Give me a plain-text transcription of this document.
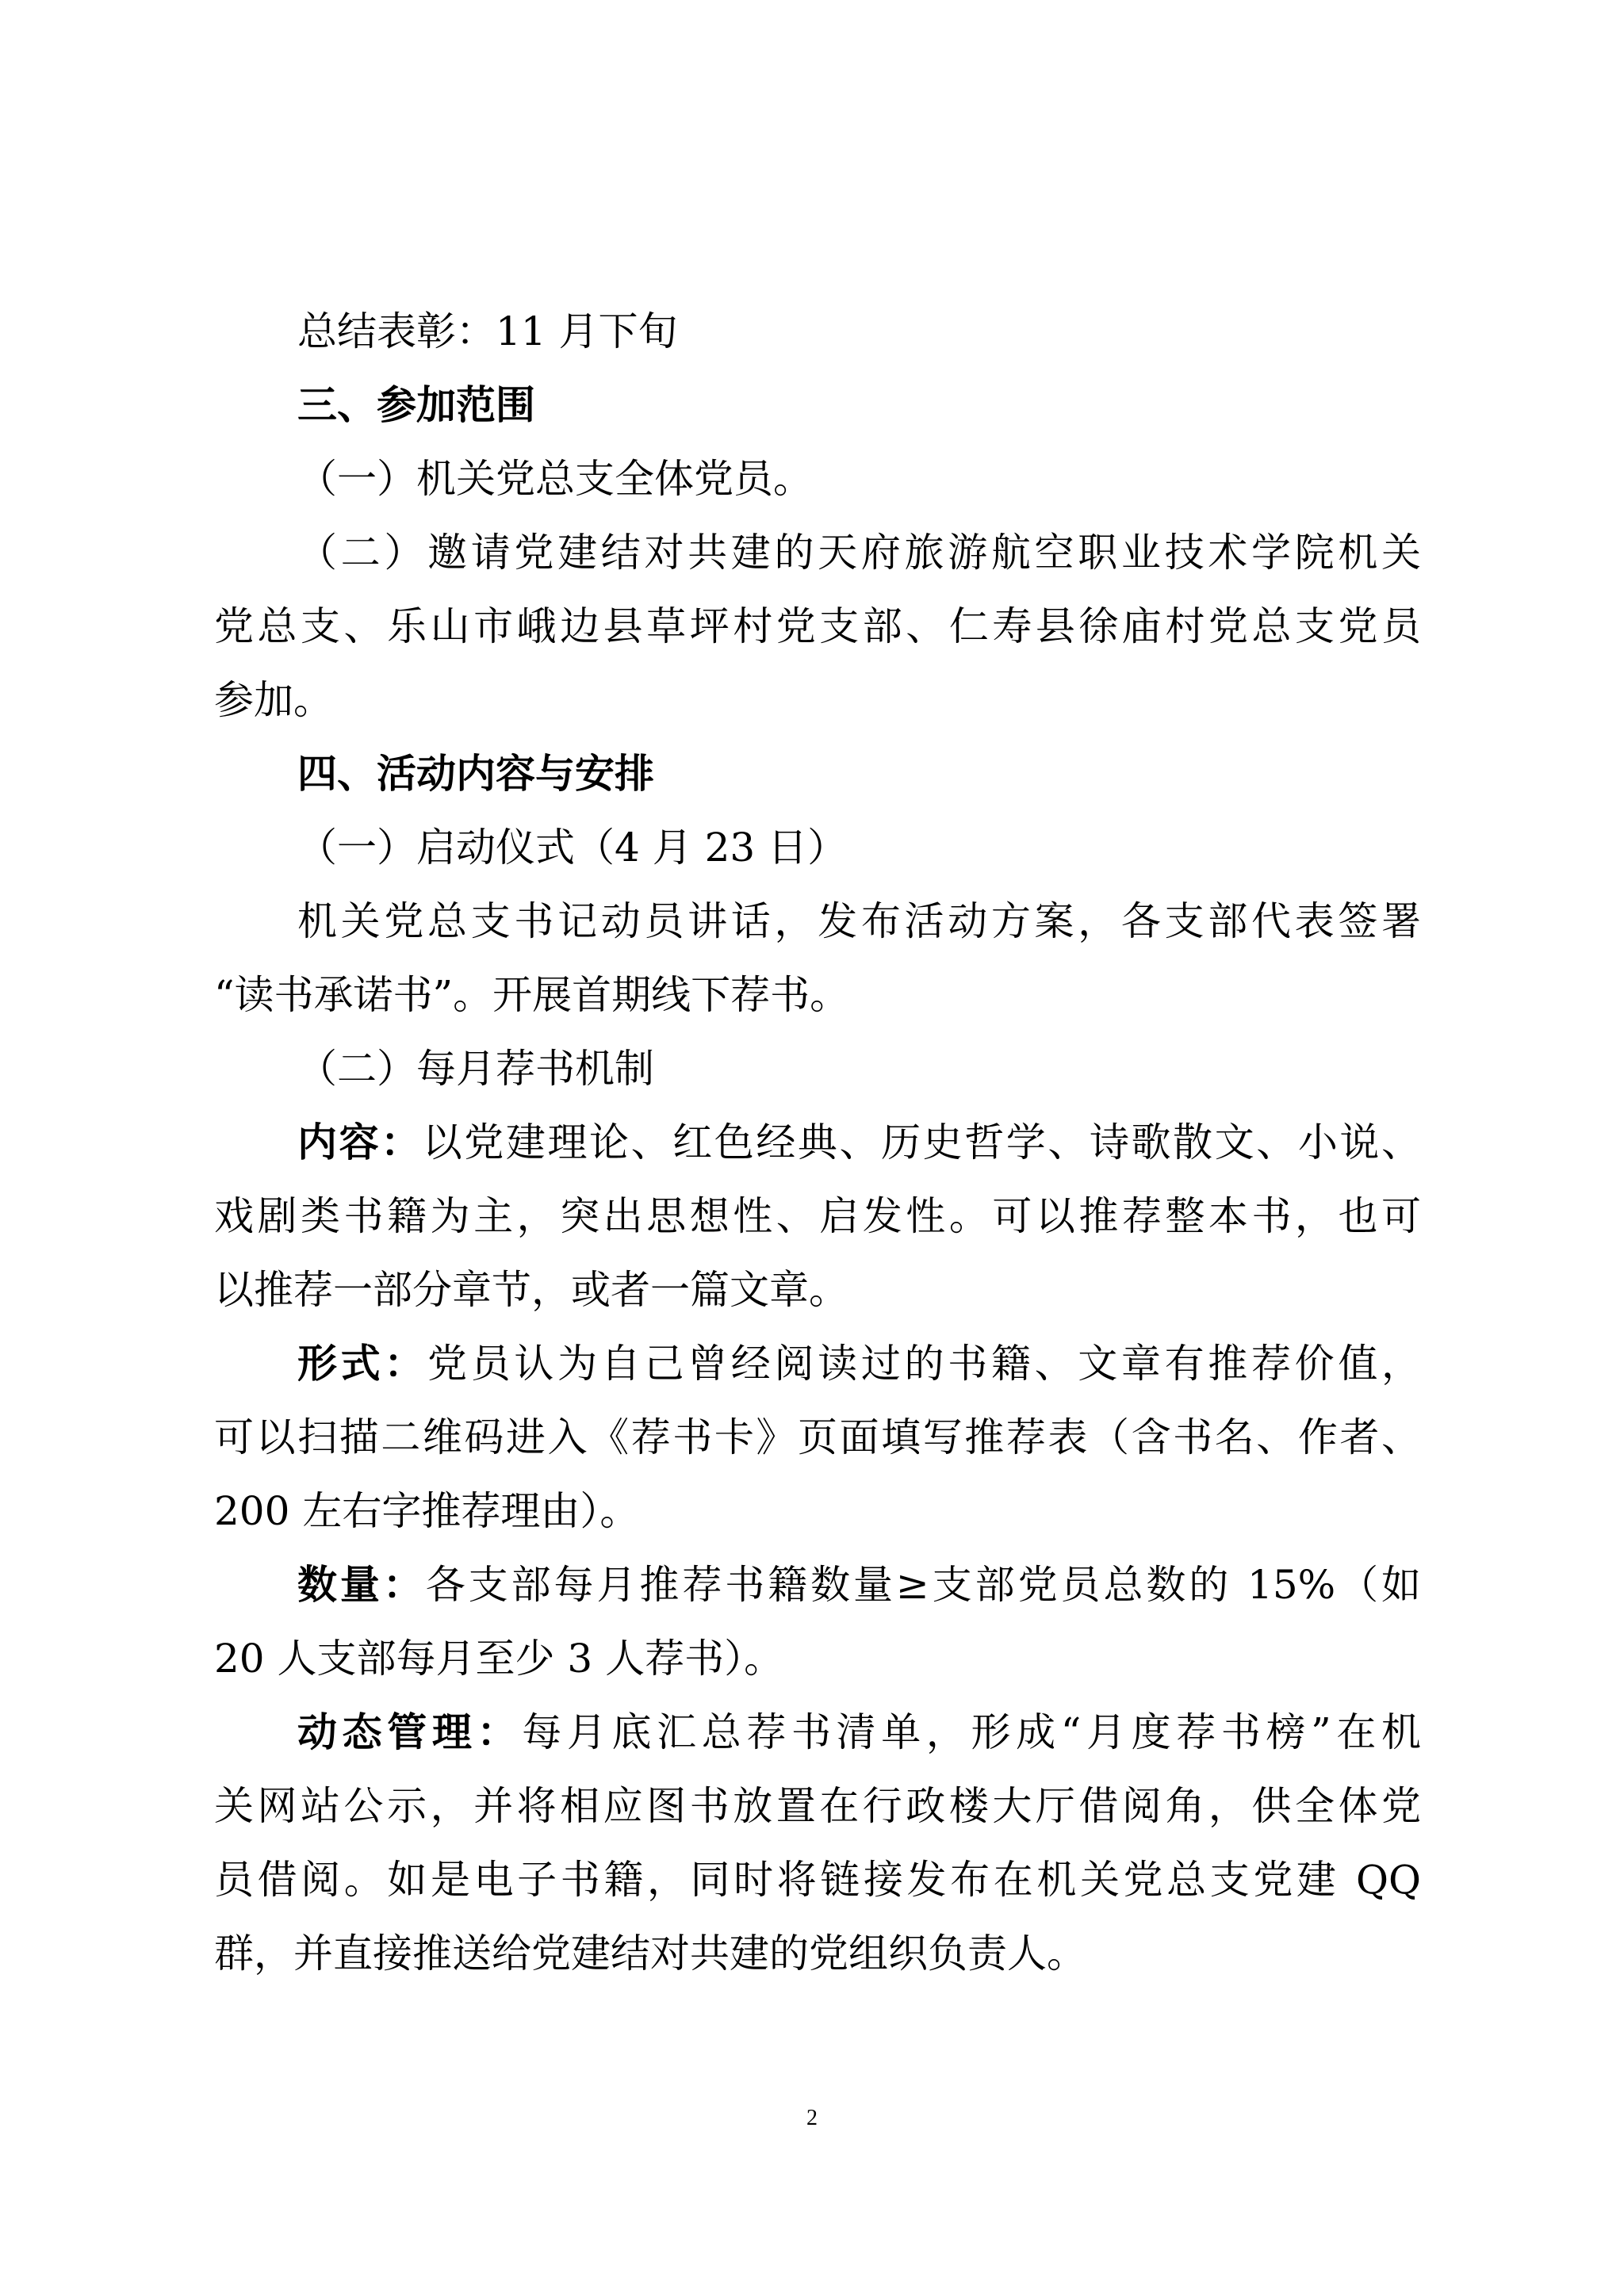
总结表彰：11 月下旬
三、参加范围
（一）机关党总支全体党员。
（二）邀请党建结对共建的天府旅游航空职业技术学院机关
党总支、乐山市峨边县草坪村党支部、仁寿县徐庙村党总支党员
参加。
四、活动内容与安排
（一）启动仪式（4 月 23 日）
机关党总支书记动员讲话，发布活动方案，各支部代表签署
“读书承诺书”。开展首期线下荐书。
（二）每月荐书机制
内容：以党建理论、红色经典、历史哲学、诗歌散文、小说、
戏剧类书籍为主，突出思想性、启发性。可以推荐整本书，也可
以推荐一部分章节，或者一篇文章。
形式：党员认为自己曾经阅读过的书籍、文章有推荐价值，
可以扫描二维码进入《荐书卡》页面填写推荐表（含书名、作者、
200 左右字推荐理由）。
数量：各支部每月推荐书籍数量≥支部党员总数的 15%（如
20 人支部每月至少 3 人荐书）。
动态管理：每月底汇总荐书清单，形成“月度荐书榜”在机
关网站公示，并将相应图书放置在行政楼大厅借阅角，供全体党
员借阅。如是电子书籍，同时将链接发布在机关党总支党建 QQ
群，并直接推送给党建结对共建的党组织负责人。
2
